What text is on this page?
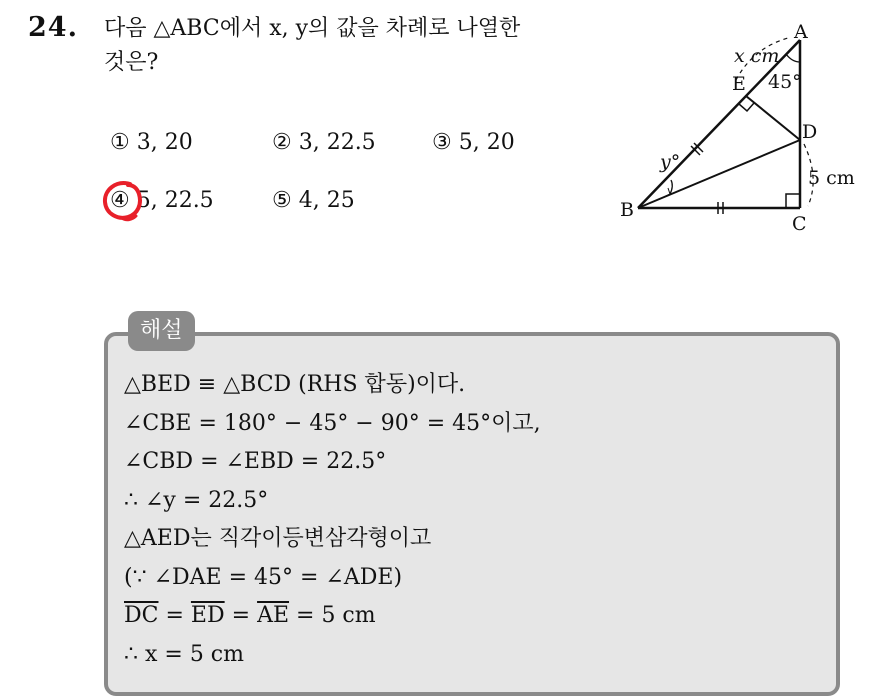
24. 다음 △ABC에서 x, y의 값을 차례로 나열한
것은?
① 3, 20	② 3, 22.5	③ 5, 20
④ 5, 22.5	⑤ 4, 25
A
B
C
D
E
x cm
45°
y°
5 cm
해설
△BED ≡ △BCD (RHS 합동)이다.
∠CBE = 180° − 45° − 90° = 45°이고,
∠CBD = ∠EBD = 22.5°
∴ ∠y = 22.5°
△AED는 직각이등변삼각형이고
(∵ ∠DAE = 45° = ∠ADE)
$\overline{DC} = \overline{ED} = \overline{AE} = 5$ cm
∴ x = 5 cm
